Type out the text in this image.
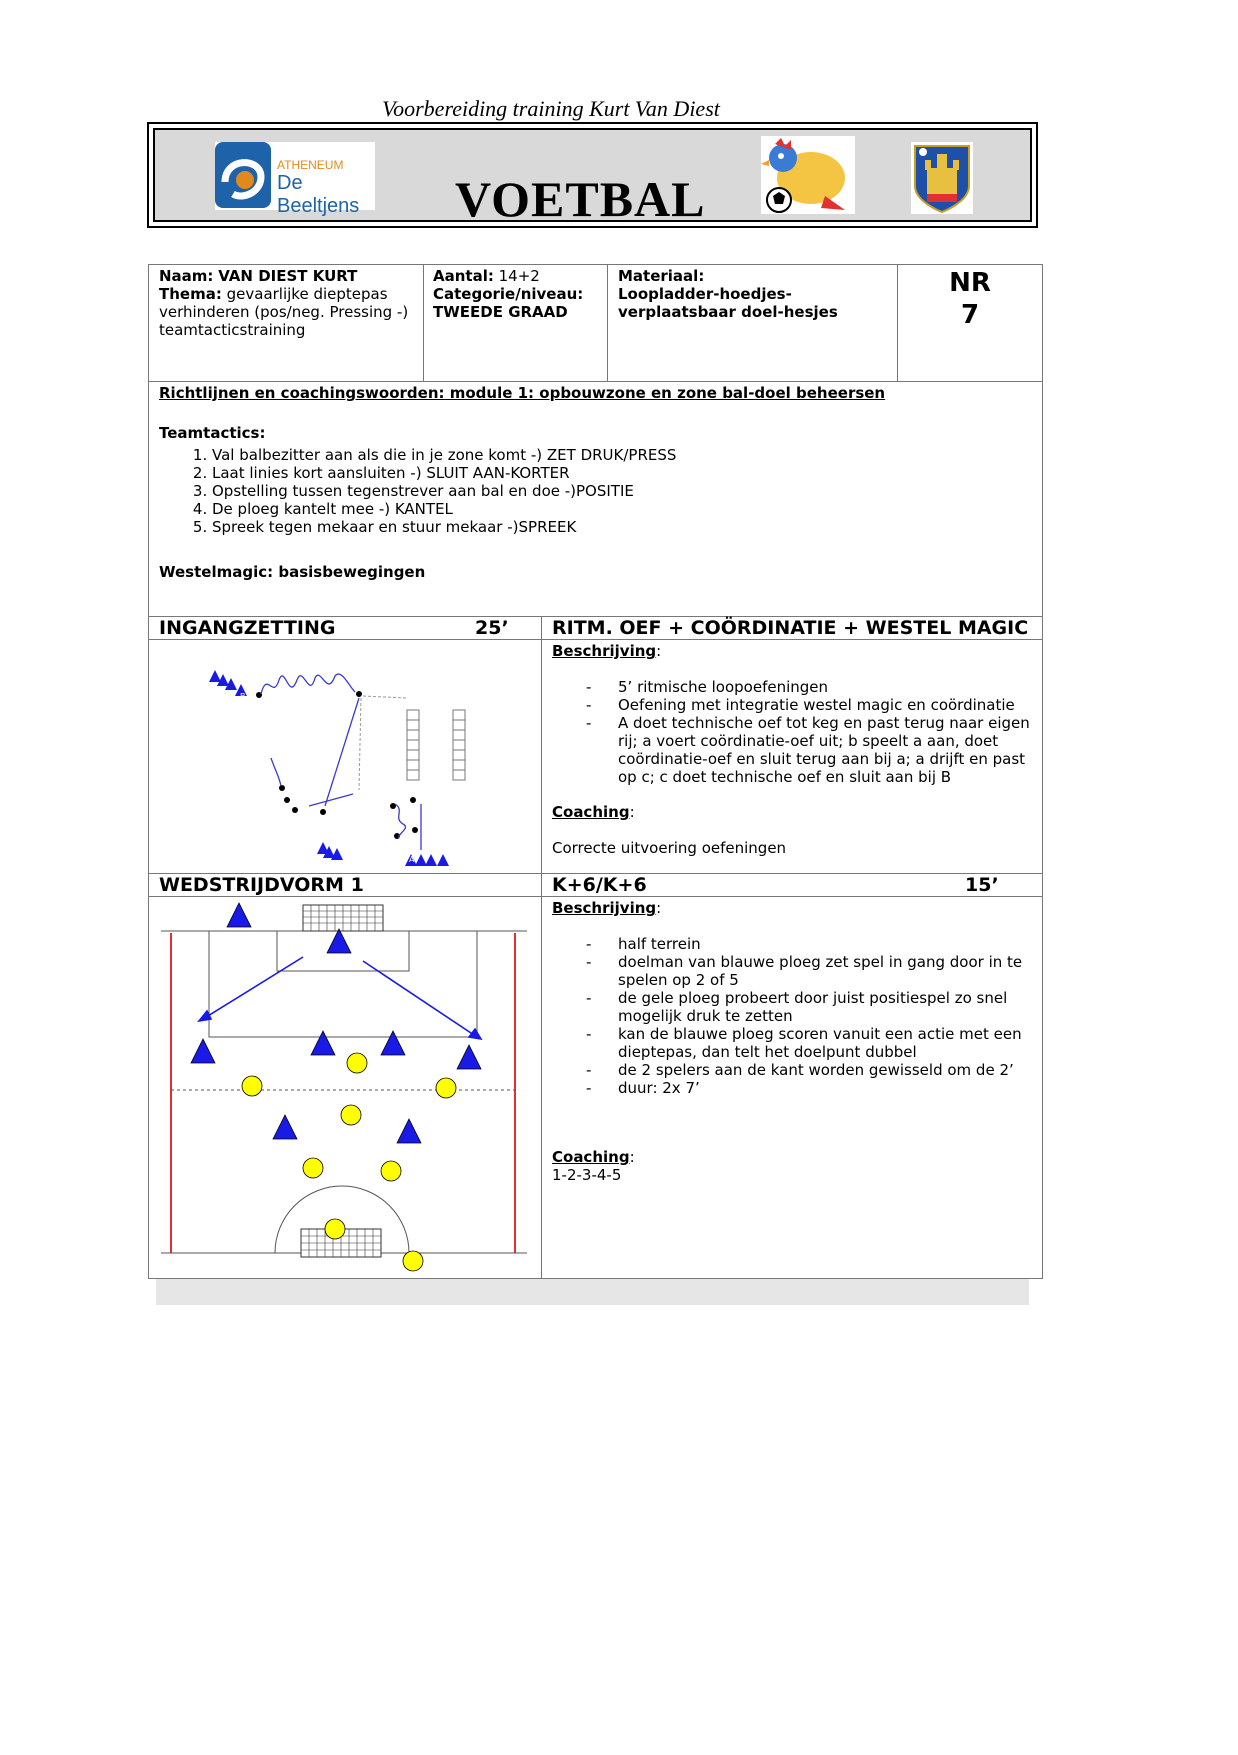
Voorbereiding training Kurt Van Diest
ATHENEUM
De Beeltjens	VOETBAL
Naam: VAN DIEST KURT
Thema: gevaarlijke dieptepas verhinderen (pos/neg. Pressing -) teamtacticstraining
Aantal: 14+2
Categorie/niveau:
TWEEDE GRAAD
Materiaal:
Loopladder-hoedjes-verplaatsbaar doel-hesjes
NR
7
Richtlijnen en coachingswoorden: module 1: opbouwzone en zone bal-doel beheersen
Teamtactics:
1. Val balbezitter aan als die in je zone komt -) ZET DRUK/PRESS
2. Laat linies kort aansluiten -) SLUIT AAN-KORTER
3. Opstelling tussen tegenstrever aan bal en doe -)POSITIE
4. De ploeg kantelt mee -) KANTEL
5. Spreek tegen mekaar en stuur mekaar -)SPREEK
Westelmagic: basisbewegingen
INGANGZETTING	25’ RITM. OEF + COÖRDINATIE + WESTEL MAGIC
B
C
A
Beschrijving:
- 5’ ritmische loopoefeningen
- Oefening met integratie westel magic en coördinatie
- A doet technische oef tot keg en past terug naar eigen rij; a voert coördinatie-oef uit; b speelt a aan, doet coördinatie-oef en sluit terug aan bij a; a drijft en past op c; c doet technische oef en sluit aan bij B
Coaching:
Correcte uitvoering oefeningen
WEDSTRIJDVORM 1	K+6/K+6	15’
Beschrijving:
- half terrein
- doelman van blauwe ploeg zet spel in gang door in te spelen op 2 of 5
- de gele ploeg probeert door juist positiespel zo snel mogelijk druk te zetten
- kan de blauwe ploeg scoren vanuit een actie met een dieptepas, dan telt het doelpunt dubbel
- de 2 spelers aan de kant worden gewisseld om de 2’
- duur: 2x 7’
Coaching:
1-2-3-4-5
